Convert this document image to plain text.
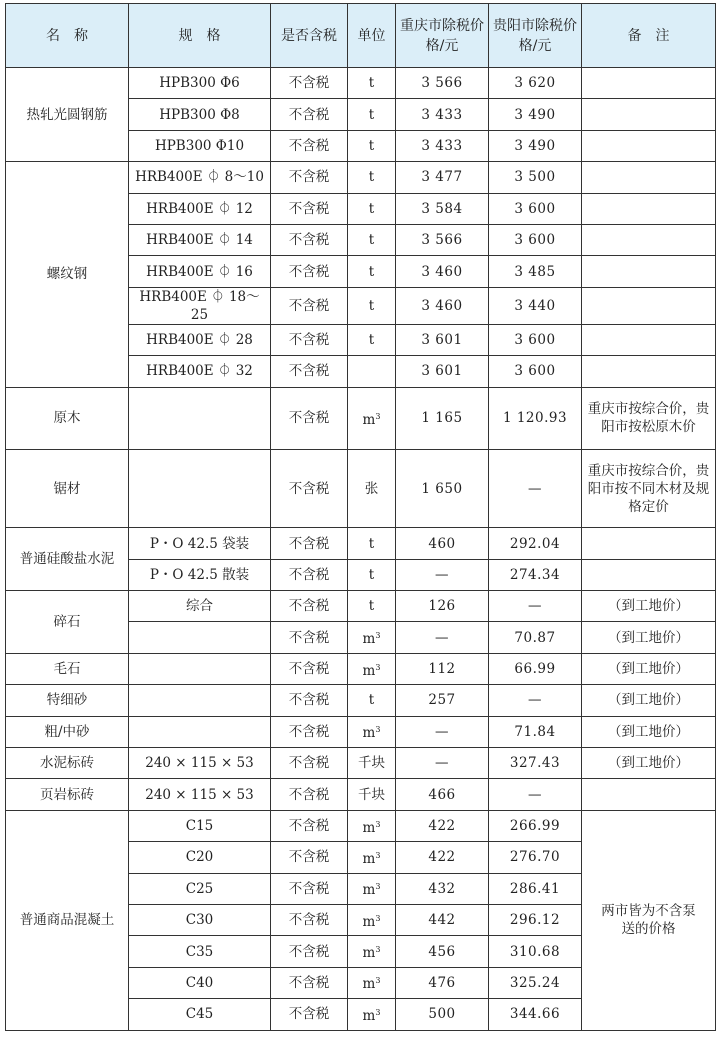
名　称	规　格	是否含税	单位	重庆市除税价格/元	贵阳市除税价格/元	备　注
热轧光圆钢筋	HPB300 Φ6	不含税	t	3 566	3 620	
	HPB300 Φ8	不含税	t	3 433	3 490	
	HPB300 Φ10	不含税	t	3 433	3 490	
螺纹钢	HRB400E ⏀ 8～10	不含税	t	3 477	3 500	
	HRB400E ⏀ 12	不含税	t	3 584	3 600	
	HRB400E ⏀ 14	不含税	t	3 566	3 600	
	HRB400E ⏀ 16	不含税	t	3 460	3 485	
	HRB400E ⏀ 18～25	不含税	t	3 460	3 440	
	HRB400E ⏀ 28	不含税	t	3 601	3 600	
	HRB400E ⏀ 32	不含税		3 601	3 600	
原木		不含税	$m^3$	1 165	1 120.93	重庆市按综合价，贵阳市按松原木价
锯材		不含税	张	1 650	—	重庆市按综合价，贵阳市按不同木材及规格定价
普通硅酸盐水泥	P・O 42.5 袋装	不含税	t	460	292.04	
	P・O 42.5 散装	不含税	t	—	274.34	
碎石	综合	不含税	t	126	—	（到工地价）
		不含税	$m^3$	—	70.87	（到工地价）
毛石		不含税	$m^3$	112	66.99	（到工地价）
特细砂		不含税	t	257	—	（到工地价）
粗/中砂		不含税	$m^3$	—	71.84	（到工地价）
水泥标砖	240 × 115 × 53	不含税	千块	—	327.43	（到工地价）
页岩标砖	240 × 115 × 53	不含税	千块	466	—	
普通商品混凝土	C15	不含税	$m^3$	422	266.99	两市皆为不含泵送的价格
	C20	不含税	$m^3$	422	276.70	
	C25	不含税	$m^3$	432	286.41	
	C30	不含税	$m^3$	442	296.12	
	C35	不含税	$m^3$	456	310.68	
	C40	不含税	$m^3$	476	325.24	
	C45	不含税	$m^3$	500	344.66	
